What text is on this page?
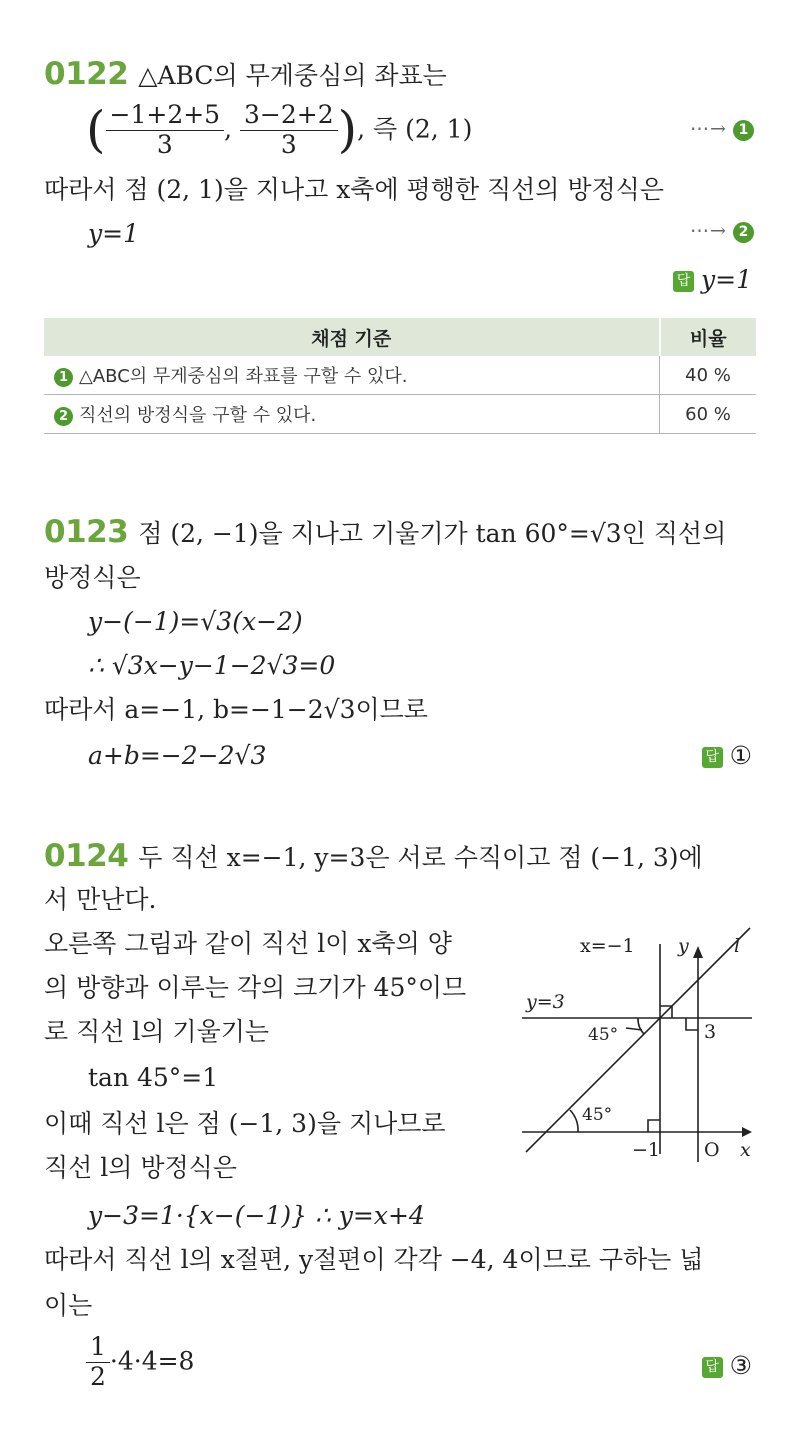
0122 △ABC의 무게중심의 좌표는
( $\frac{-1+2+5}{3}$ , $\frac{3-2+2}{3}$ ), 즉 (2, 1)	⋯→ 1
따라서 점 (2, 1)을 지나고 x축에 평행한 직선의 방정식은
y=1	⋯→ 2
답 y=1
채점 기준	비율
1 △ABC의 무게중심의 좌표를 구할 수 있다.	40 %
2 직선의 방정식을 구할 수 있다.	60 %
0123 점 (2, −1)을 지나고 기울기가 tan 60°=√3인 직선의
방정식은
y−(−1)=√3(x−2)
∴ √3x−y−1−2√3=0
따라서 a=−1, b=−1−2√3이므로
a+b=−2−2√3	답 ①
0124 두 직선 x=−1, y=3은 서로 수직이고 점 (−1, 3)에
서 만난다.
오른쪽 그림과 같이 직선 l이 x축의 양
의 방향과 이루는 각의 크기가 45°이므
로 직선 l의 기울기는
tan 45°=1
이때 직선 l은 점 (−1, 3)을 지나므로
직선 l의 방정식은
y−3=1·{x−(−1)} ∴ y=x+4
따라서 직선 l의 x절편, y절편이 각각 −4, 4이므로 구하는 넓
이는
$\frac{1}{2} \cdot 4\cdot 4=8$	답 ③
x=−1 y l
y=3
45°	3
45°
−1 O x
